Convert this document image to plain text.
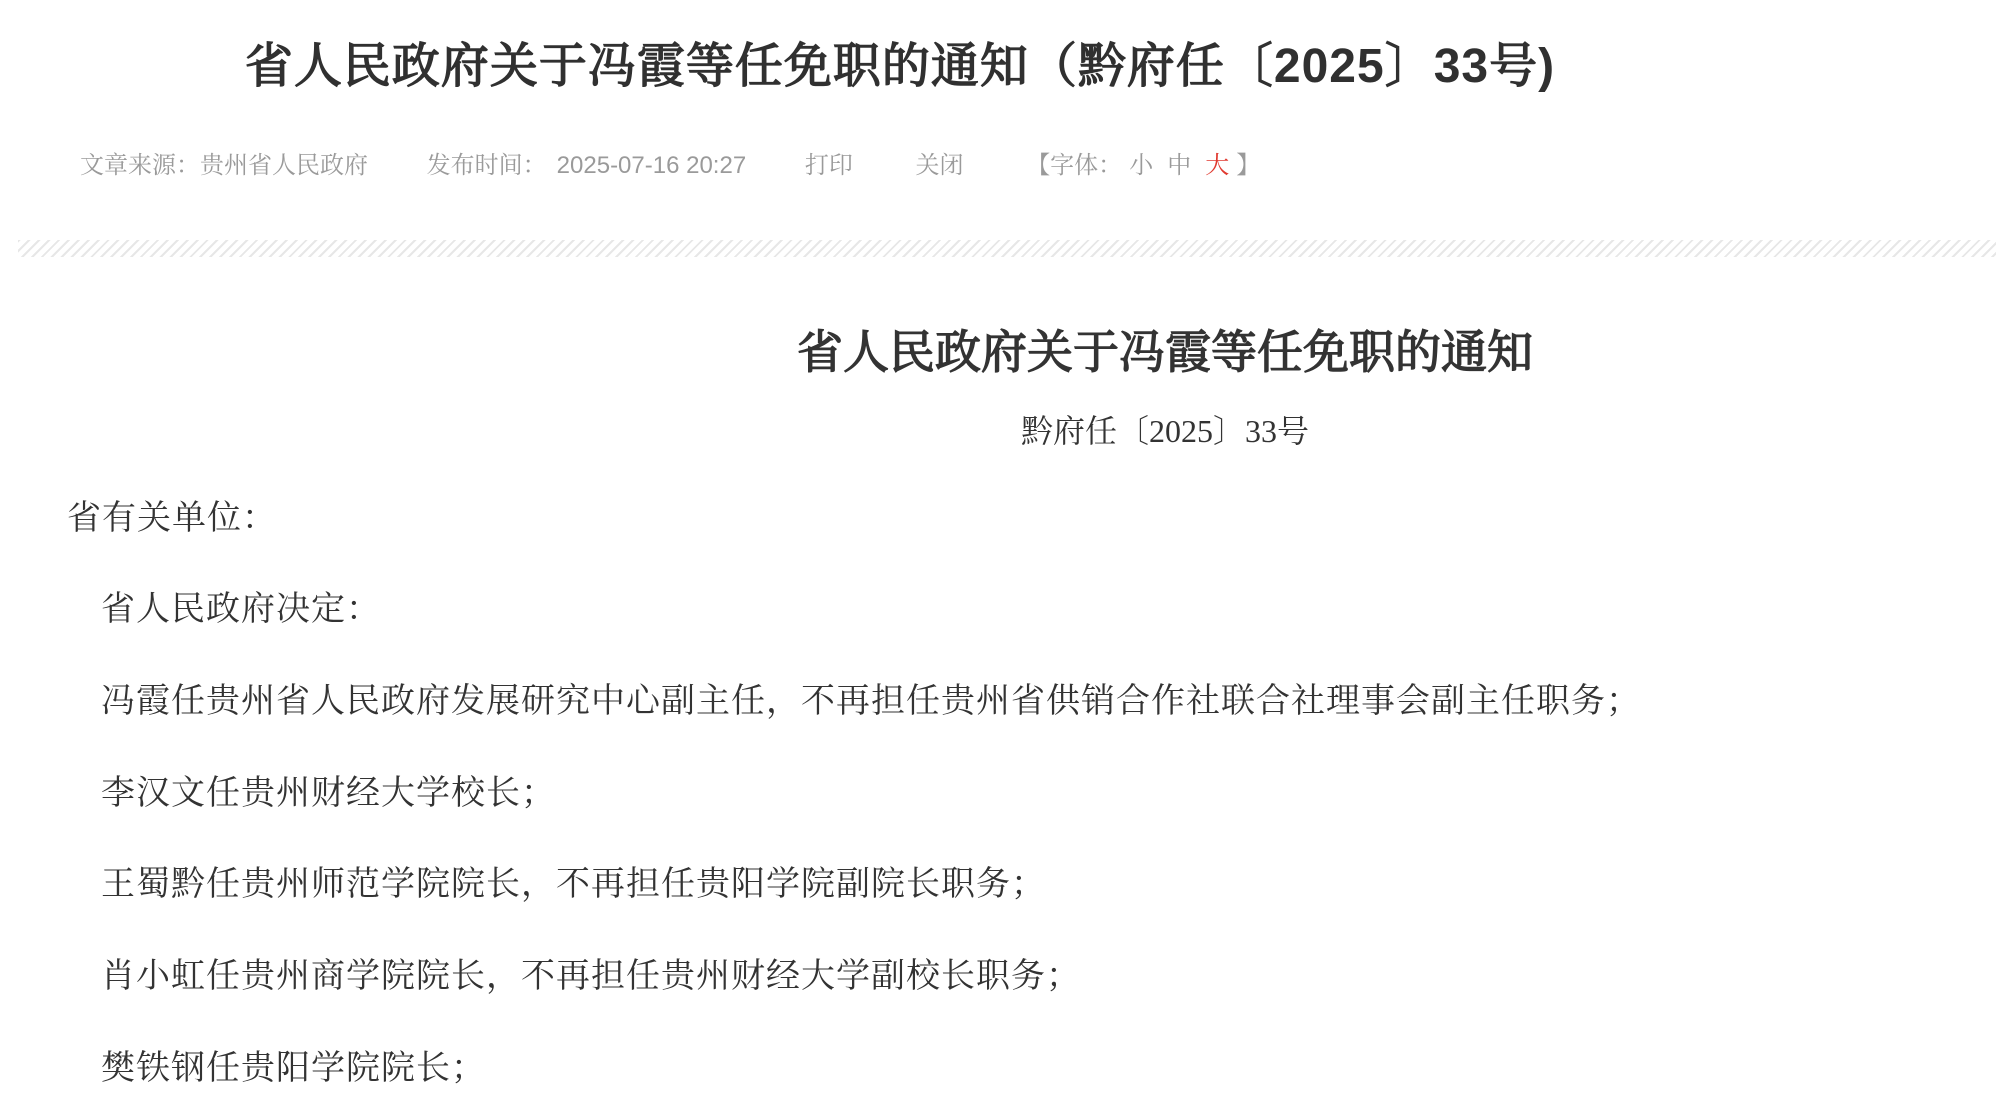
省人民政府关于冯霞等任免职的通知（黔府任〔2025〕33号)
文章来源：贵州省人民政府 发布时间： 2025-07-16 20:27 打印	关闭	【字体： 小 中 大 】
省人民政府关于冯霞等任免职的通知
黔府任〔2025〕33号

省有关单位：

省人民政府决定：

冯霞任贵州省人民政府发展研究中心副主任，不再担任贵州省供销合作社联合社理事会副主任职务；

李汉文任贵州财经大学校长；

王蜀黔任贵州师范学院院长，不再担任贵阳学院副院长职务；

肖小虹任贵州商学院院长，不再担任贵州财经大学副校长职务；

樊铁钢任贵阳学院院长；
